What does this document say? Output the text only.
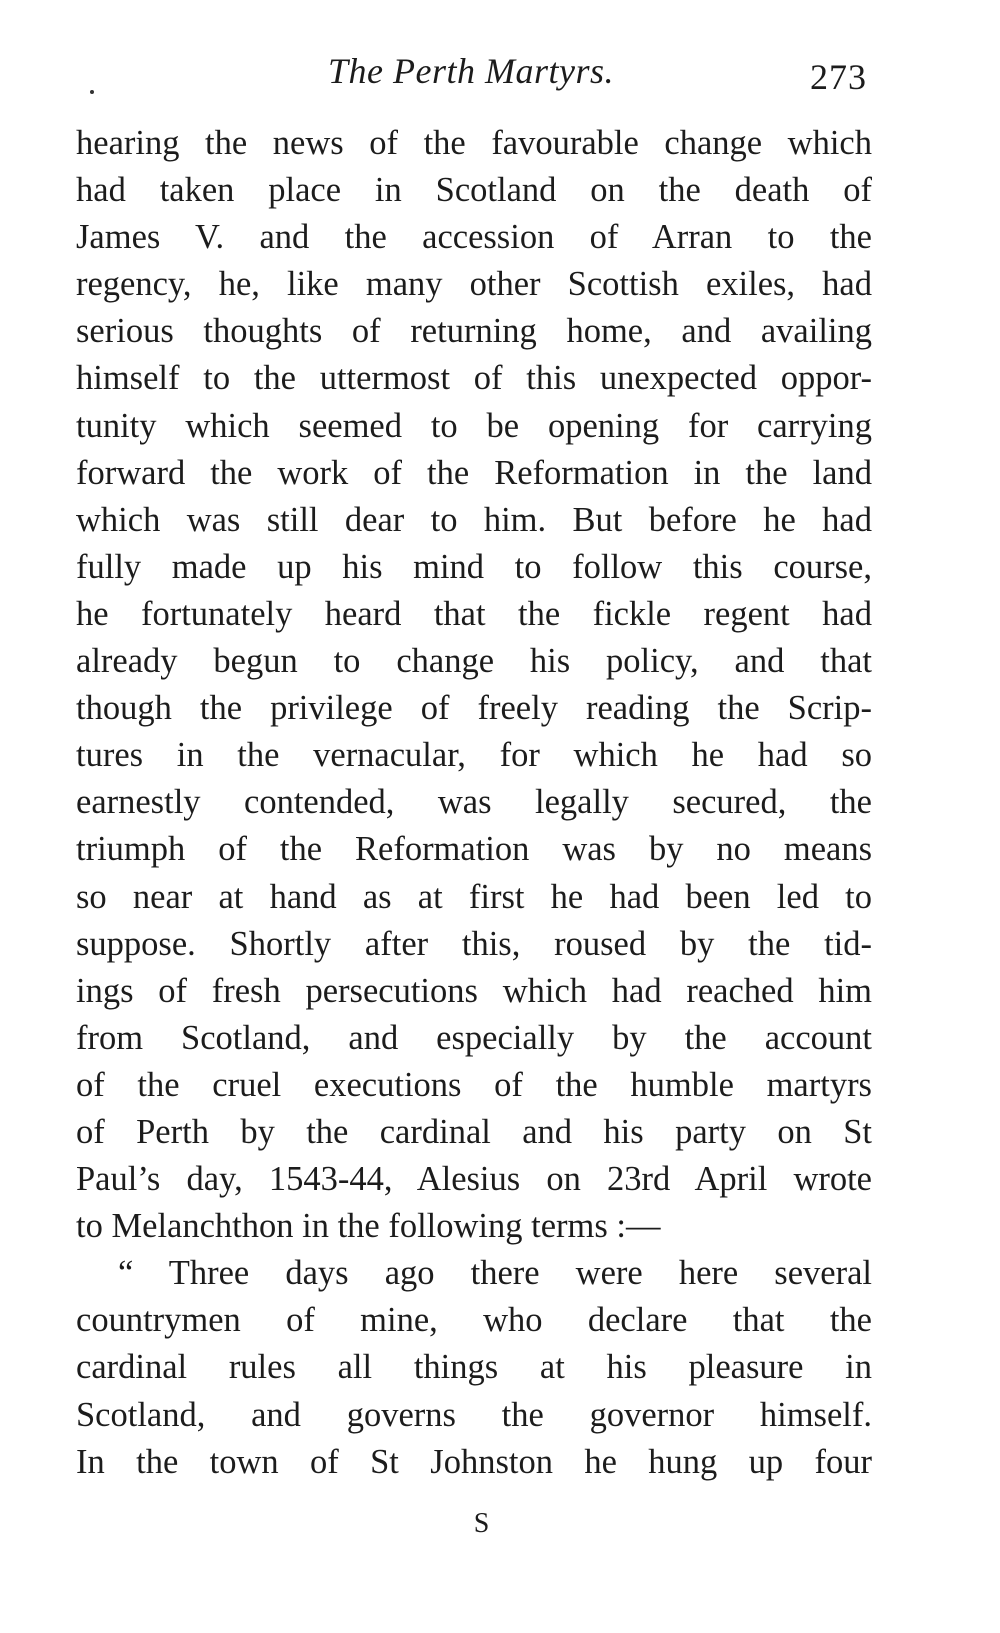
The Perth Martyrs.	273
hearing the news of the favourable change which
had taken place in Scotland on the death of
James V. and the accession of Arran to the
regency, he, like many other Scottish exiles, had
serious thoughts of returning home, and availing
himself to the uttermost of this unexpected oppor-
tunity which seemed to be opening for carrying
forward the work of the Reformation in the land
which was still dear to him. But before he had
fully made up his mind to follow this course,
he fortunately heard that the fickle regent had
already begun to change his policy, and that
though the privilege of freely reading the Scrip-
tures in the vernacular, for which he had so
earnestly contended, was legally secured, the
triumph of the Reformation was by no means
so near at hand as at first he had been led to
suppose. Shortly after this, roused by the tid-
ings of fresh persecutions which had reached him
from Scotland, and especially by the account
of the cruel executions of the humble martyrs
of Perth by the cardinal and his party on St
Paul’s day, 1543-44, Alesius on 23rd April wrote
to Melanchthon in the following terms :—
“ Three days ago there were here several
countrymen of mine, who declare that the
cardinal rules all things at his pleasure in
Scotland, and governs the governor himself.
In the town of St Johnston he hung up four
S
